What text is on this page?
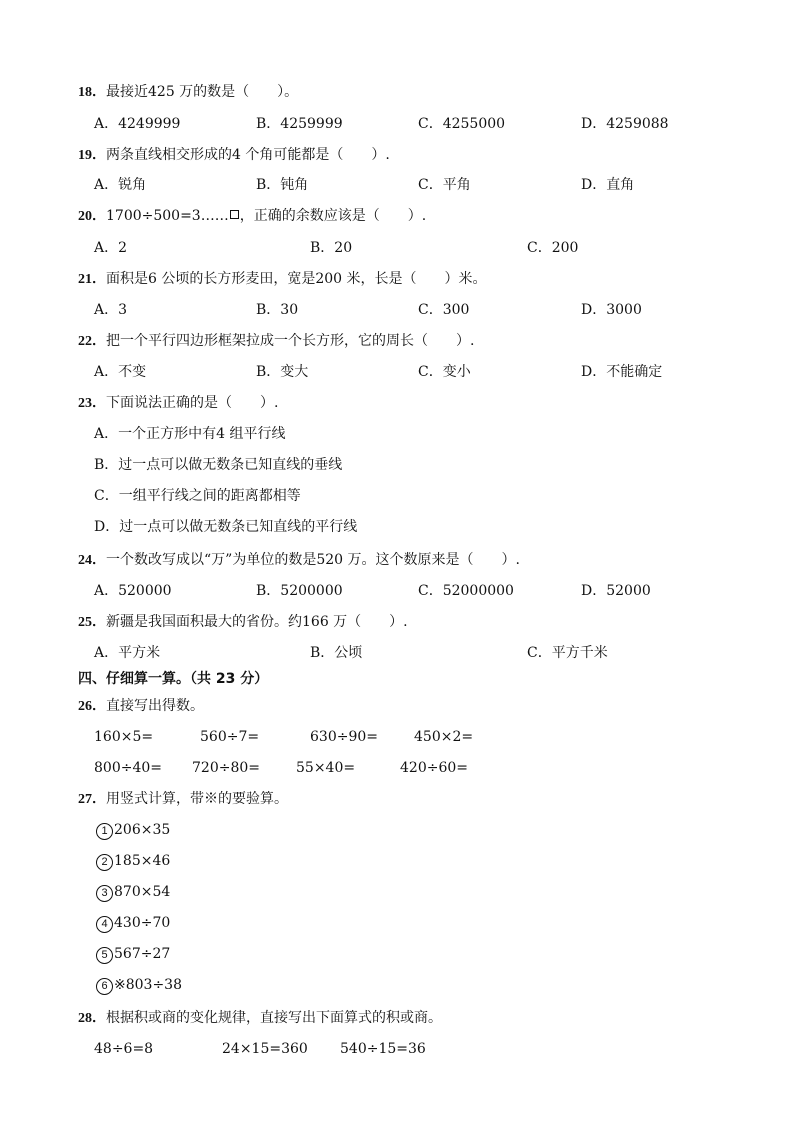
18．最接近425 万的数是（　　）。
A．4249999	B．4259999	C．4255000	D．4259088
19．两条直线相交形成的4 个角可能都是（　　）.
A．锐角	B．钝角	C．平角	D．直角
20．1700÷500=3…… ，正确的余数应该是（　　）.
A．2	B．20	C．200
21．面积是6 公顷的长方形麦田，宽是200 米，长是（　　）米。
A．3	B．30	C．300	D．3000
22．把一个平行四边形框架拉成一个长方形，它的周长（　　）.
A．不变	B．变大	C．变小	D．不能确定
23．下面说法正确的是（　　）.
A．一个正方形中有4 组平行线
B．过一点可以做无数条已知直线的垂线
C．一组平行线之间的距离都相等
D．过一点可以做无数条已知直线的平行线
24．一个数改写成以“万”为单位的数是520 万。这个数原来是（　　）.
A．520000	B．5200000	C．52000000	D．52000
25．新疆是我国面积最大的省份。约166 万（　　）.
A．平方米	B．公顷	C．平方千米
四、仔细算一算。（共 23 分）
26．直接写出得数。
160×5=	560÷7=	630÷90=	450×2=
800÷40= 720÷80=	55×40=	420÷60=
27．用竖式计算，带※的要验算。
1 206×35
2 185×46
3 870×54
4 430÷70
5 567÷27
6 ※803÷38
28．根据积或商的变化规律，直接写出下面算式的积或商。
48÷6=8	24×15=360 540÷15=36
